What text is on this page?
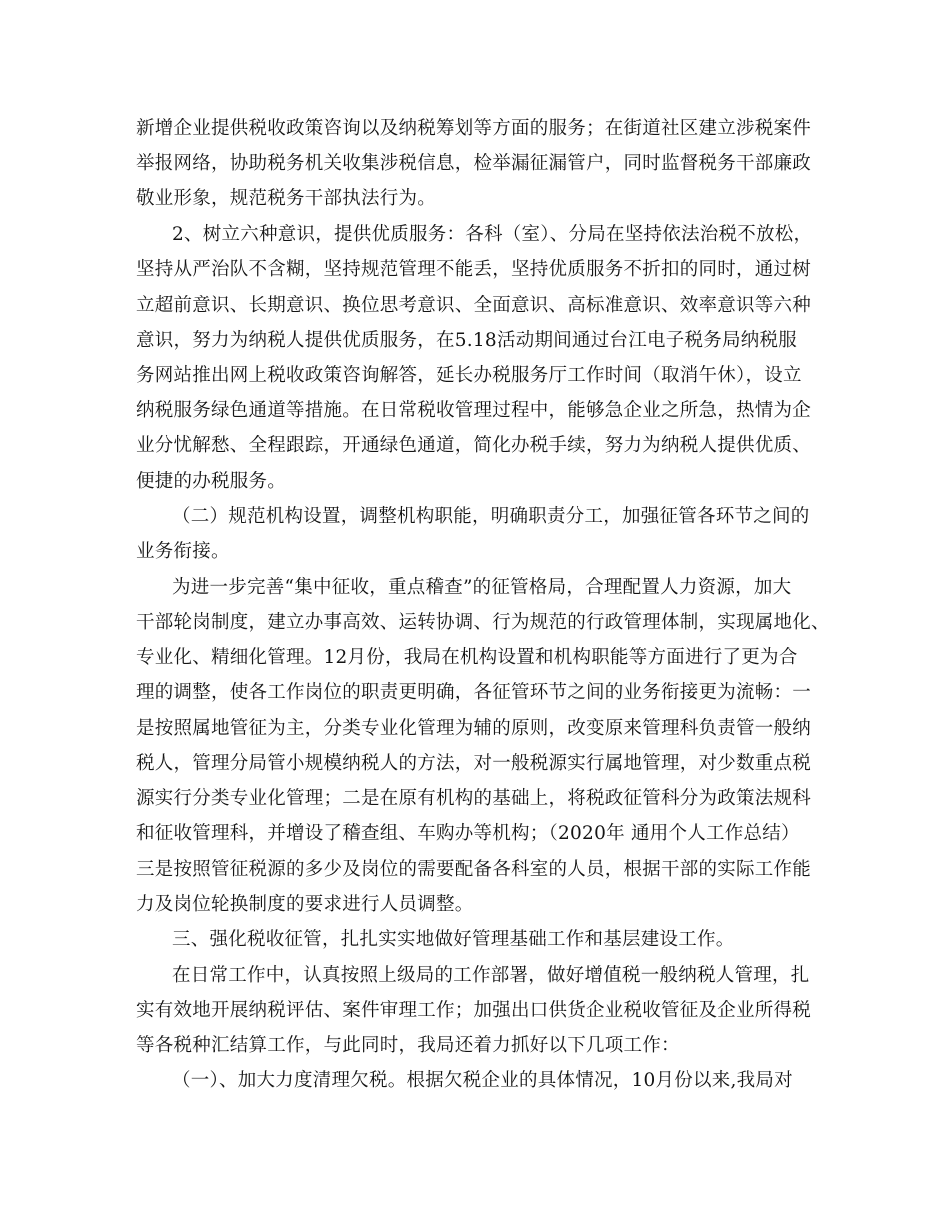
新增企业提供税收政策咨询以及纳税筹划等方面的服务；在街道社区建立涉税案件
举报网络，协助税务机关收集涉税信息，检举漏征漏管户，同时监督税务干部廉政
敬业形象，规范税务干部执法行为。
2、树立六种意识，提供优质服务：各科（室）、分局在坚持依法治税不放松，
坚持从严治队不含糊，坚持规范管理不能丢，坚持优质服务不折扣的同时，通过树
立超前意识、长期意识、换位思考意识、全面意识、高标准意识、效率意识等六种
意识，努力为纳税人提供优质服务，在5.18活动期间通过台江电子税务局纳税服
务网站推出网上税收政策咨询解答，延长办税服务厅工作时间（取消午休），设立
纳税服务绿色通道等措施。在日常税收管理过程中，能够急企业之所急，热情为企
业分忧解愁、全程跟踪，开通绿色通道，简化办税手续，努力为纳税人提供优质、
便捷的办税服务。
（二）规范机构设置，调整机构职能，明确职责分工，加强征管各环节之间的
业务衔接。
为进一步完善“集中征收，重点稽查”的征管格局，合理配置人力资源，加大
干部轮岗制度，建立办事高效、运转协调、行为规范的行政管理体制，实现属地化、
专业化、精细化管理。12月份，我局在机构设置和机构职能等方面进行了更为合
理的调整，使各工作岗位的职责更明确，各征管环节之间的业务衔接更为流畅：一
是按照属地管征为主，分类专业化管理为辅的原则，改变原来管理科负责管一般纳
税人，管理分局管小规模纳税人的方法，对一般税源实行属地管理，对少数重点税
源实行分类专业化管理；二是在原有机构的基础上，将税政征管科分为政策法规科
和征收管理科，并增设了稽查组、车购办等机构；（2020年 通用个人工作总结）
三是按照管征税源的多少及岗位的需要配备各科室的人员，根据干部的实际工作能
力及岗位轮换制度的要求进行人员调整。
三、强化税收征管，扎扎实实地做好管理基础工作和基层建设工作。
在日常工作中，认真按照上级局的工作部署，做好增值税一般纳税人管理，扎
实有效地开展纳税评估、案件审理工作；加强出口供货企业税收管征及企业所得税
等各税种汇结算工作，与此同时，我局还着力抓好以下几项工作：
（一）、加大力度清理欠税。根据欠税企业的具体情况，10月份以来,我局对
